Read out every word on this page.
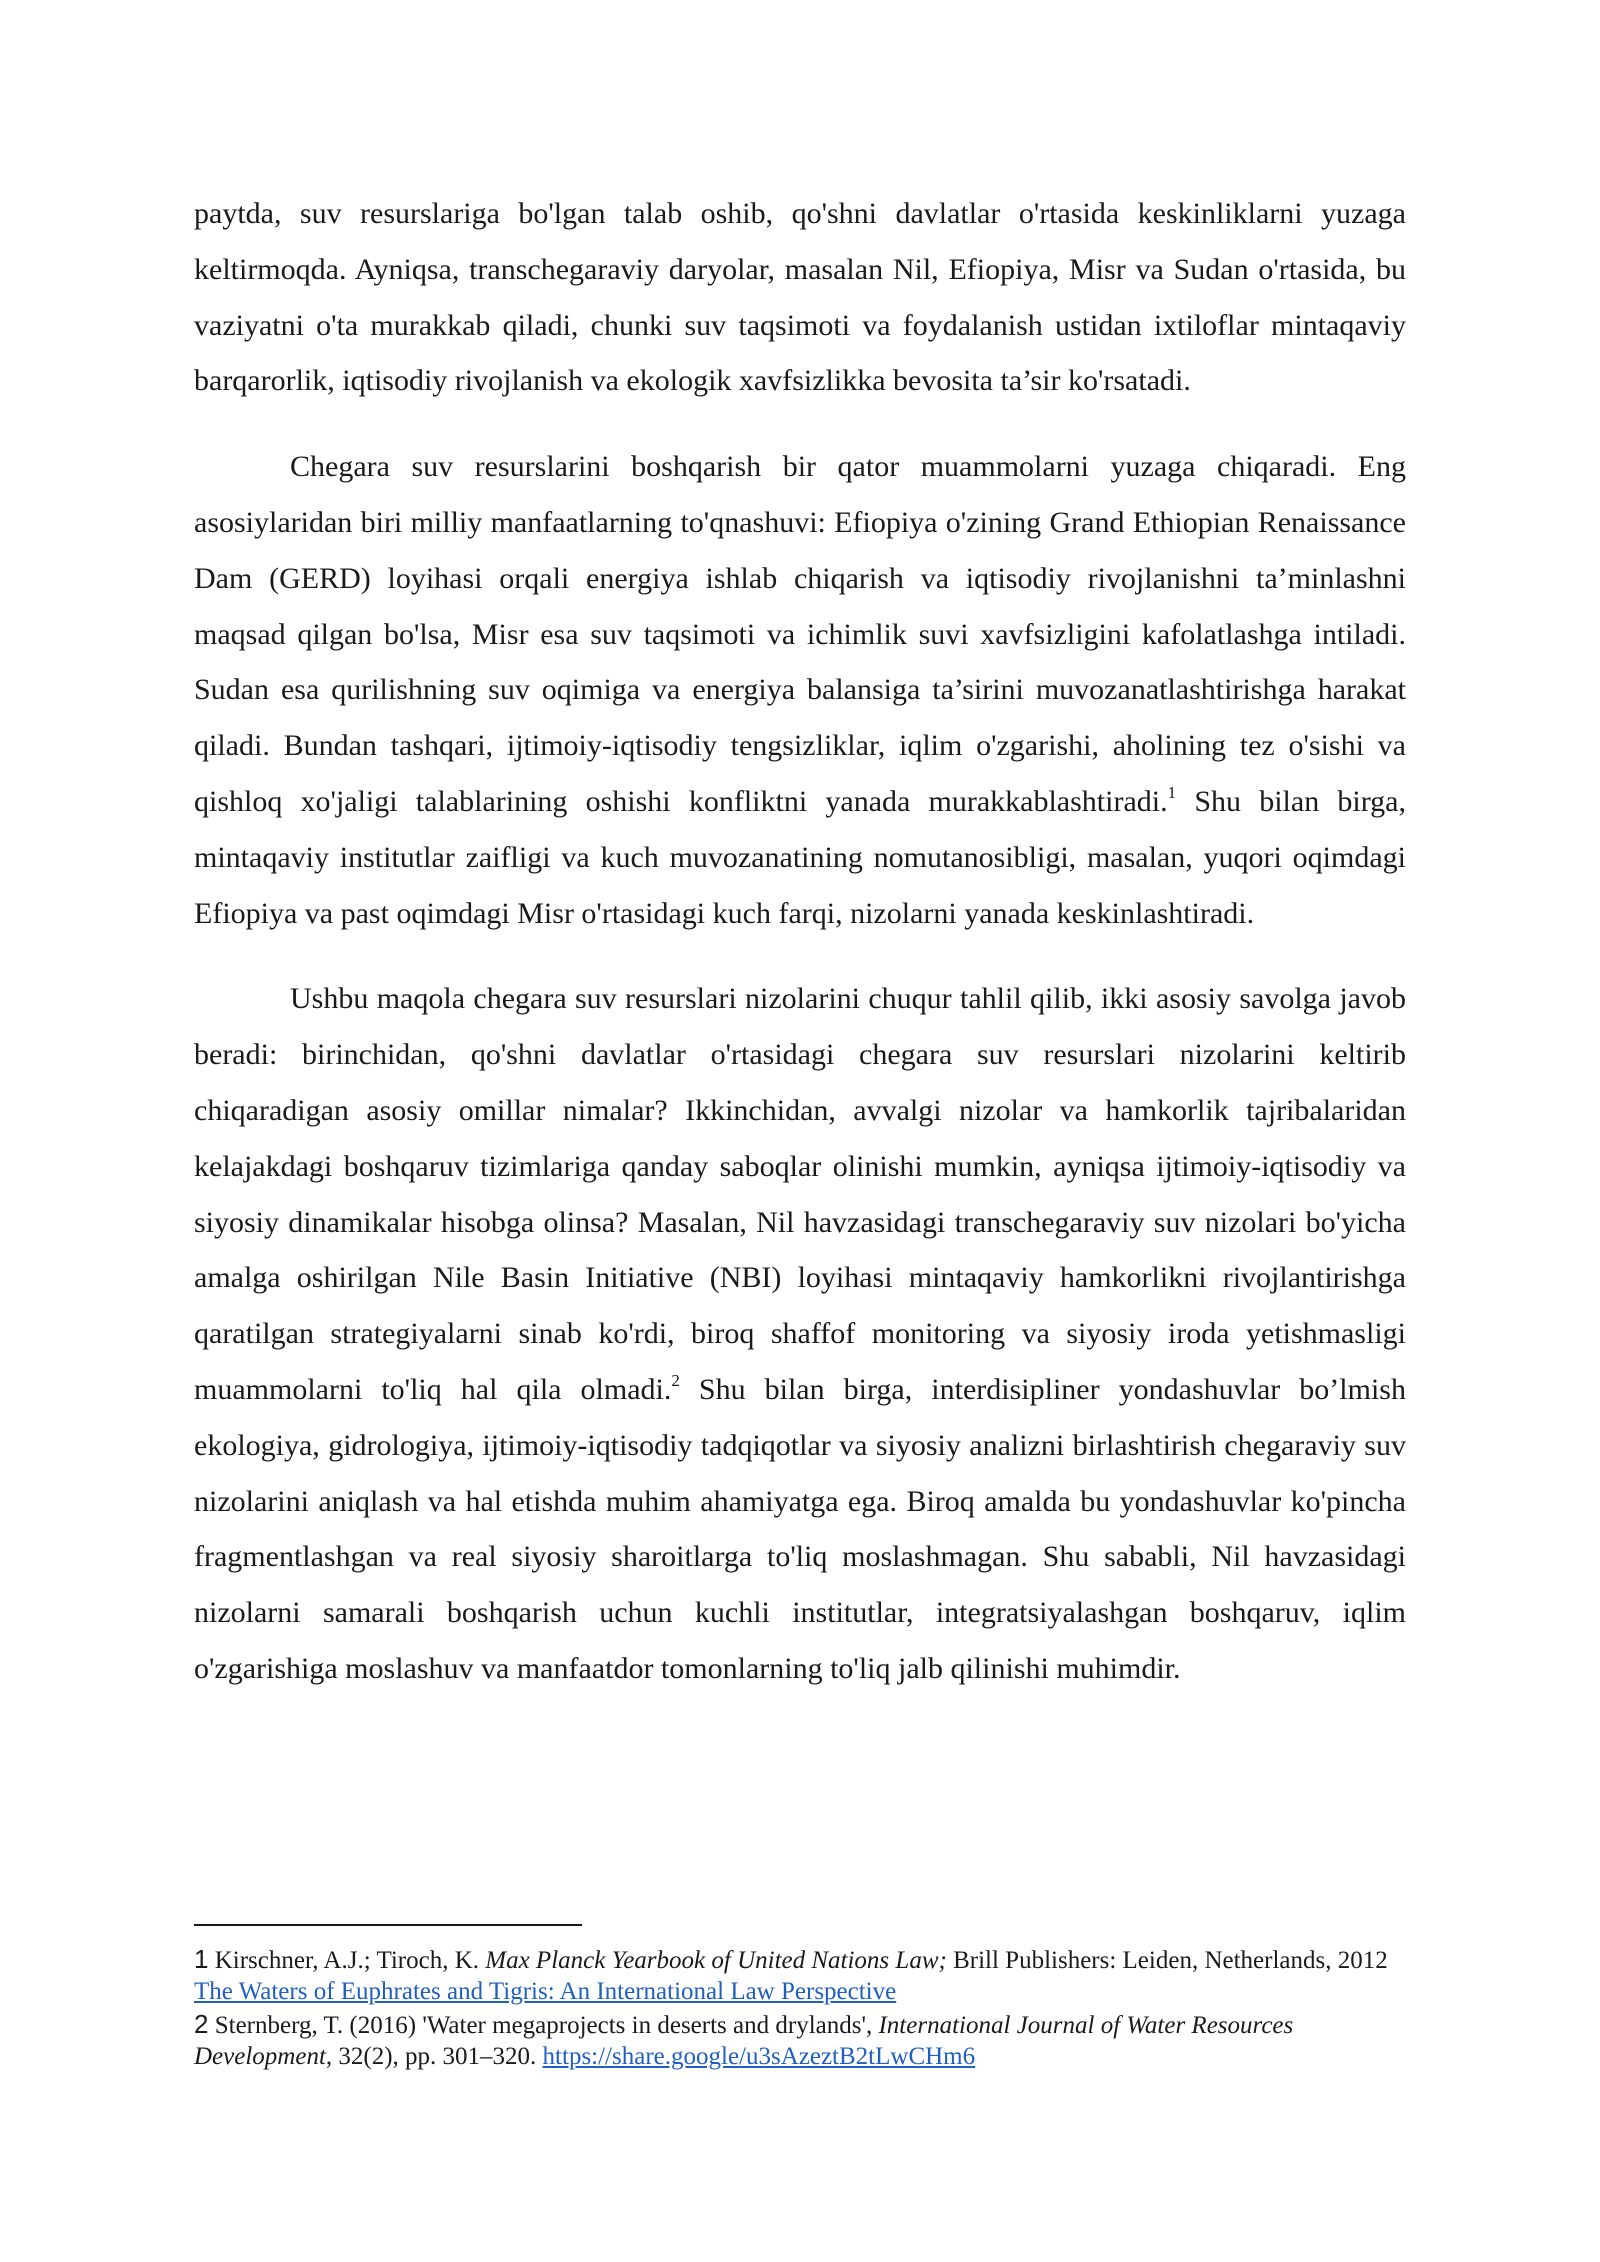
paytda, suv resurslariga bo'lgan talab oshib, qo'shni davlatlar o'rtasida keskinliklarni yuzaga keltirmoqda. Ayniqsa, transchegaraviy daryolar, masalan Nil, Efiopiya, Misr va Sudan o'rtasida, bu vaziyatni o'ta murakkab qiladi, chunki suv taqsimoti va foydalanish ustidan ixtiloflar mintaqaviy barqarorlik, iqtisodiy rivojlanish va ekologik xavfsizlikka bevosita ta’sir ko'rsatadi.

Chegara suv resurslarini boshqarish bir qator muammolarni yuzaga chiqaradi. Eng asosiylaridan biri milliy manfaatlarning to'qnashuvi: Efiopiya o'zining Grand Ethiopian Renaissance Dam (GERD) loyihasi orqali energiya ishlab chiqarish va iqtisodiy rivojlanishni ta’minlashni maqsad qilgan bo'lsa, Misr esa suv taqsimoti va ichimlik suvi xavfsizligini kafolatlashga intiladi. Sudan esa qurilishning suv oqimiga va energiya balansiga ta’sirini muvozanatlashtirishga harakat qiladi. Bundan tashqari, ijtimoiy-iqtisodiy tengsizliklar, iqlim o'zgarishi, aholining tez o'sishi va qishloq xo'jaligi talablarining oshishi konfliktni yanada murakkablashtiradi.$^1$ Shu bilan birga, mintaqaviy institutlar zaifligi va kuch muvozanatining nomutanosibligi, masalan, yuqori oqimdagi Efiopiya va past oqimdagi Misr o'rtasidagi kuch farqi, nizolarni yanada keskinlashtiradi.

Ushbu maqola chegara suv resurslari nizolarini chuqur tahlil qilib, ikki asosiy savolga javob beradi: birinchidan, qo'shni davlatlar o'rtasidagi chegara suv resurslari nizolarini keltirib chiqaradigan asosiy omillar nimalar? Ikkinchidan, avvalgi nizolar va hamkorlik tajribalaridan kelajakdagi boshqaruv tizimlariga qanday saboqlar olinishi mumkin, ayniqsa ijtimoiy-iqtisodiy va siyosiy dinamikalar hisobga olinsa? Masalan, Nil havzasidagi transchegaraviy suv nizolari bo'yicha amalga oshirilgan Nile Basin Initiative (NBI) loyihasi mintaqaviy hamkorlikni rivojlantirishga qaratilgan strategiyalarni sinab ko'rdi, biroq shaffof monitoring va siyosiy iroda yetishmasligi muammolarni to'liq hal qila olmadi.$^2$ Shu bilan birga, interdisipliner yondashuvlar bo’lmish ekologiya, gidrologiya, ijtimoiy-iqtisodiy tadqiqotlar va siyosiy analizni birlashtirish chegaraviy suv nizolarini aniqlash va hal etishda muhim ahamiyatga ega. Biroq amalda bu yondashuvlar ko'pincha fragmentlashgan va real siyosiy sharoitlarga to'liq moslashmagan. Shu sababli, Nil havzasidagi nizolarni samarali boshqarish uchun kuchli institutlar, integratsiyalashgan boshqaruv, iqlim o'zgarishiga moslashuv va manfaatdor tomonlarning to'liq jalb qilinishi muhimdir.

1 Kirschner, A.J.; Tiroch, K. Max Planck Yearbook of United Nations Law; Brill Publishers: Leiden, Netherlands, 2012 The Waters of Euphrates and Tigris: An International Law Perspective

2 Sternberg, T. (2016) 'Water megaprojects in deserts and drylands', International Journal of Water Resources Development, 32(2), pp. 301–320. https://share.google/u3sAzeztB2tLwCHm6
